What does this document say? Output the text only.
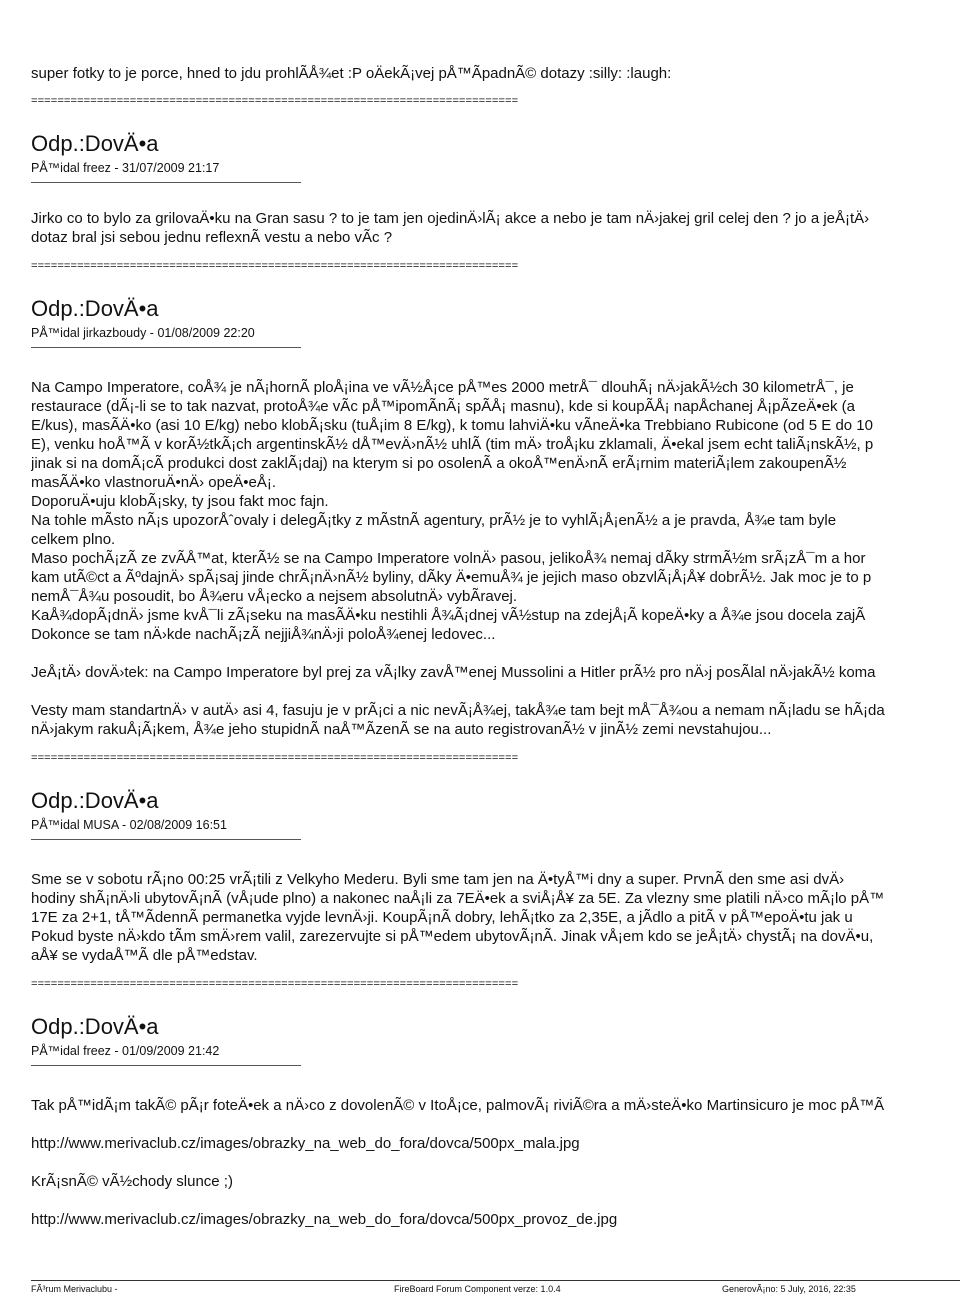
super fotky to je porce, hned to jdu prohlÃÅ¾et :P oÄekÃ¡vej pÅ™ÃpadnÃ© dotazy :silly: :laugh:
==========================================================================
Odp.:DovÄ•a
PÅ™idal freez - 31/07/2009 21:17
Jirko co to bylo za grilovaÄ•ku na Gran sasu ? to je tam jen ojedinÄ›lÃ¡ akce a nebo je tam nÄ›jakej gril celej den ? jo a jeÅ¡tÄ›
dotaz bral jsi sebou jednu reflexnÃ vestu a nebo vÃc ?
==========================================================================
Odp.:DovÄ•a
PÅ™idal jirkazboudy - 01/08/2009 22:20
Na Campo Imperatore, coÅ¾ je nÃ¡hornÃ ploÅ¡ina ve vÃ½Å¡ce pÅ™es 2000 metrÅ¯ dlouhÃ¡ nÄ›jakÃ½ch 30 kilometrÅ¯, je
restaurace (dÃ¡-li se to tak nazvat, protoÅ¾e vÃc pÅ™ipomÃnÃ¡ spÃÅ¡ masnu), kde si koupÃÅ¡ napÅchanej Å¡pÃzeÄ•ek (a
E/kus), masÃÄ•ko (asi 10 E/kg) nebo klobÃ¡sku (tuÅ¡im 8 E/kg), k tomu lahviÄ•ku vÃneÄ•ka Trebbiano Rubicone (od 5 E do 10
E), venku hoÅ™Ã v korÃ½tkÃ¡ch argentinskÃ½ dÅ™evÄ›nÃ½ uhlÃ (tim mÄ› troÅ¡ku zklamali, Ä•ekal jsem echt taliÃ¡nskÃ½, p
jinak si na domÃ¡cÃ produkci dost zaklÃ¡daj) na kterym si po osolenÃ a okoÅ™enÄ›nÃ erÃ¡rnim materiÃ¡lem zakoupenÃ½
masÃÄ•ko vlastnoruÄ•nÄ› opeÄ•eÅ¡.
DoporuÄ•uju klobÃ¡sky, ty jsou fakt moc fajn.
Na tohle mÃsto nÃ¡s upozorÅˆovaly i delegÃ¡tky z mÃstnÃ agentury, prÃ½ je to vyhlÃ¡Å¡enÃ½ a je pravda, Å¾e tam byle
celkem plno.
Maso pochÃ¡zÃ ze zvÃÅ™at, kterÃ½ se na Campo Imperatore volnÄ› pasou, jelikoÅ¾ nemaj dÃky strmÃ½m srÃ¡zÅ¯m a hor
kam utÃ©ct a ÃºdajnÄ› spÃ¡saj jinde chrÃ¡nÄ›nÃ½ byliny, dÃky Ä•emuÅ¾ je jejich maso obzvlÃ¡Å¡Å¥ dobrÃ½. Jak moc je to p
nemÅ¯Å¾u posoudit, bo Å¾eru vÅ¡ecko a nejsem absolutnÄ› vybÃravej.
KaÅ¾dopÃ¡dnÄ› jsme kvÅ¯li zÃ¡seku na masÃÄ•ku nestihli Å¾Ã¡dnej vÃ½stup na zdejÅ¡Ã kopeÄ•ky a Å¾e jsou docela zajÃ
Dokonce se tam nÄ›kde nachÃ¡zÃ nejjiÅ¾nÄ›ji poloÅ¾enej ledovec...
JeÅ¡tÄ› dovÄ›tek: na Campo Imperatore byl prej za vÃ¡lky zavÅ™enej Mussolini a Hitler prÃ½ pro nÄ›j posÃlal nÄ›jakÃ½ koma
Vesty mam standartnÄ› v autÄ› asi 4, fasuju je v prÃ¡ci a nic nevÃ¡Å¾ej, takÅ¾e tam bejt mÅ¯Å¾ou a nemam nÃ¡ladu se hÃ¡da
nÄ›jakym rakuÅ¡Ã¡kem, Å¾e jeho stupidnÃ naÅ™ÃzenÃ se na auto registrovanÃ½ v jinÃ½ zemi nevstahujou...
==========================================================================
Odp.:DovÄ•a
PÅ™idal MUSA - 02/08/2009 16:51
Sme se v sobotu rÃ¡no 00:25 vrÃ¡tili z Velkyho Mederu. Byli sme tam jen na Ä•tyÅ™i dny a super. PrvnÃ den sme asi dvÄ›
hodiny shÃ¡nÄ›li ubytovÃ¡nÃ (vÅ¡ude plno) a nakonec naÅ¡li za 7EÄ•ek a sviÅ¡Å¥ za 5E. Za vlezny sme platili nÄ›co mÃ¡lo pÅ™
17E za 2+1, tÅ™ÃdennÃ permanetka vyjde levnÄ›ji. KoupÃ¡nÃ dobry, lehÃ¡tko za 2,35E, a jÃdlo a pitÃ v pÅ™epoÄ•tu jak u
Pokud byste nÄ›kdo tÃm smÄ›rem valil, zarezervujte si pÅ™edem ubytovÃ¡nÃ. Jinak vÅ¡em kdo se jeÅ¡tÄ› chystÃ¡ na dovÄ•u,
aÅ¥ se vydaÅ™Ã dle pÅ™edstav.
==========================================================================
Odp.:DovÄ•a
PÅ™idal freez - 01/09/2009 21:42
Tak pÅ™idÃ¡m takÃ© pÃ¡r foteÄ•ek a nÄ›co z dovolenÃ© v ItoÅ¡ce, palmovÃ¡ riviÃ©ra a mÄ›steÄ•ko Martinsicuro je moc pÅ™Ã
http://www.merivaclub.cz/images/obrazky_na_web_do_fora/dovca/500px_mala.jpg
KrÃ¡snÃ© vÃ½chody slunce ;)
http://www.merivaclub.cz/images/obrazky_na_web_do_fora/dovca/500px_provoz_de.jpg
FÃ³rum Merivaclubu -	FireBoard Forum Component verze: 1.0.4	GenerovÃ¡no: 5 July, 2016, 22:35
